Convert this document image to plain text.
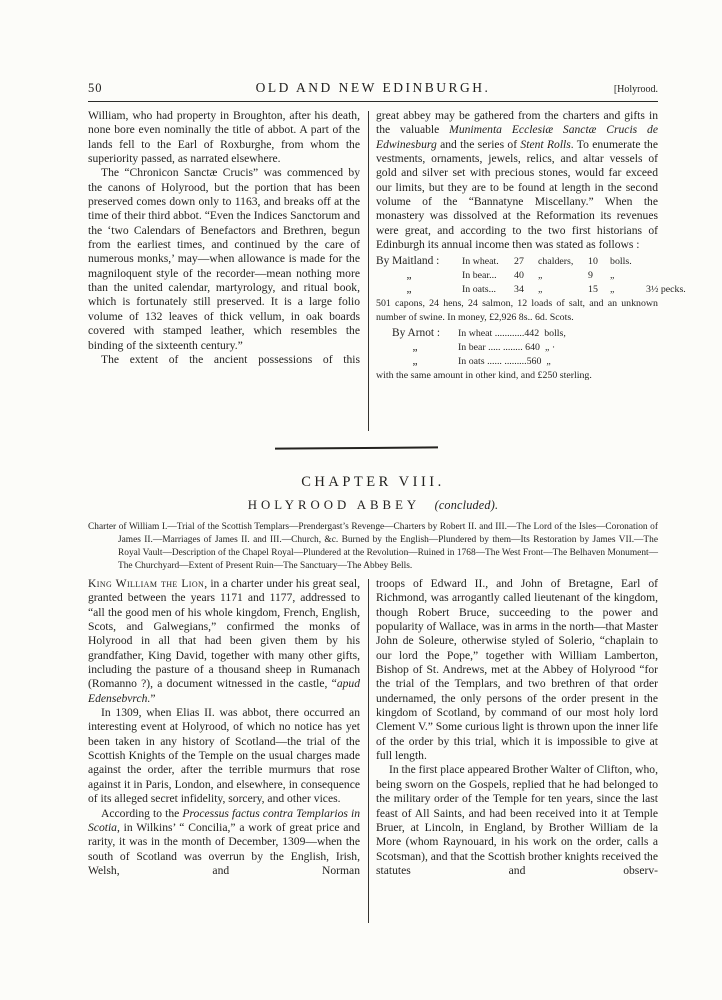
50	OLD AND NEW EDINBURGH.	[Holyrood.

William, who had property in Broughton, after his death, none bore even nominally the title of abbot. A part of the lands fell to the Earl of Roxburghe, from whom the superiority passed, as narrated elsewhere.

The “Chronicon Sanctæ Crucis” was commenced by the canons of Holyrood, but the portion that has been preserved comes down only to 1163, and breaks off at the time of their third abbot. “Even the Indices Sanctorum and the ‘two Calendars of Benefactors and Brethren, begun from the earliest times, and continued by the care of numerous monks,’ may—when allowance is made for the magniloquent style of the recorder—mean nothing more than the united calendar, martyrology, and ritual book, which is fortunately still preserved. It is a large folio volume of 132 leaves of thick vellum, in oak boards covered with stamped leather, which resembles the binding of the sixteenth century.”

The extent of the ancient possessions of this

great abbey may be gathered from the charters and gifts in the valuable Munimenta Ecclesiæ Sanctæ Crucis de Edwinesburg and the series of Stent Rolls. To enumerate the vestments, ornaments, jewels, relics, and altar vessels of gold and silver set with precious stones, would far exceed our limits, but they are to be found at length in the second volume of the “Bannatyne Miscellany.” When the monastery was dissolved at the Reformation its revenues were great, and according to the two first historians of Edinburgh its annual income then was stated as follows :

By Maitland :	In wheat.	27	chalders,	10	bolls.
„	In bear...	40	„	9	„
„	In oats...	34	„	15	„	3½ pecks.

501 capons, 24 hens, 24 salmon, 12 loads of salt, and an unknown number of swine. In money, £2,926 8s.. 6d. Scots.

By Arnot :	In wheat ............442 bolls,
„	In bear ..... ........ 640 „ ·
„	In oats ...... .........560 „

with the same amount in other kind, and £250 sterling.

CHAPTER VIII.

HOLYROOD ABBEY (concluded).

Charter of William I.—Trial of the Scottish Templars—Prendergast’s Revenge—Charters by Robert II. and III.—The Lord of the Isles—Coronation of James II.—Marriages of James II. and III.—Church, &c. Burned by the English—Plundered by them—Its Restoration by James VII.—The Royal Vault—Description of the Chapel Royal—Plundered at the Revolution—Ruined in 1768—The West Front—The Belhaven Monument—The Churchyard—Extent of Present Ruin—The Sanctuary—The Abbey Bells.

King William the Lion, in a charter under his great seal, granted between the years 1171 and 1177, addressed to “all the good men of his whole kingdom, French, English, Scots, and Galwegians,” confirmed the monks of Holyrood in all that had been given them by his grandfather, King David, together with many other gifts, including the pasture of a thousand sheep in Rumanach (Romanno ?), a document witnessed in the castle, “apud Edensebvrch.”

In 1309, when Elias II. was abbot, there occurred an interesting event at Holyrood, of which no notice has yet been taken in any history of Scotland—the trial of the Scottish Knights of the Temple on the usual charges made against the order, after the terrible murmurs that rose against it in Paris, London, and elsewhere, in consequence of its alleged secret infidelity, sorcery, and other vices.

According to the Processus factus contra Templarios in Scotia, in Wilkins’ “ Concilia,” a work of great price and rarity, it was in the month of December, 1309—when the south of Scotland was overrun by the English, Irish, Welsh, and Norman

troops of Edward II., and John of Bretagne, Earl of Richmond, was arrogantly called lieutenant of the kingdom, though Robert Bruce, succeeding to the power and popularity of Wallace, was in arms in the north—that Master John de Soleure, otherwise styled of Solerio, “chaplain to our lord the Pope,” together with William Lamberton, Bishop of St. Andrews, met at the Abbey of Holyrood “for the trial of the Templars, and two brethren of that order undernamed, the only persons of the order present in the kingdom of Scotland, by command of our most holy lord Clement V.” Some curious light is thrown upon the inner life of the order by this trial, which it is impossible to give at full length.

In the first place appeared Brother Walter of Clifton, who, being sworn on the Gospels, replied that he had belonged to the military order of the Temple for ten years, since the last feast of All Saints, and had been received into it at Temple Bruer, at Lincoln, in England, by Brother William de la More (whom Raynouard, in his work on the order, calls a Scotsman), and that the Scottish brother knights received the statutes and observ-
